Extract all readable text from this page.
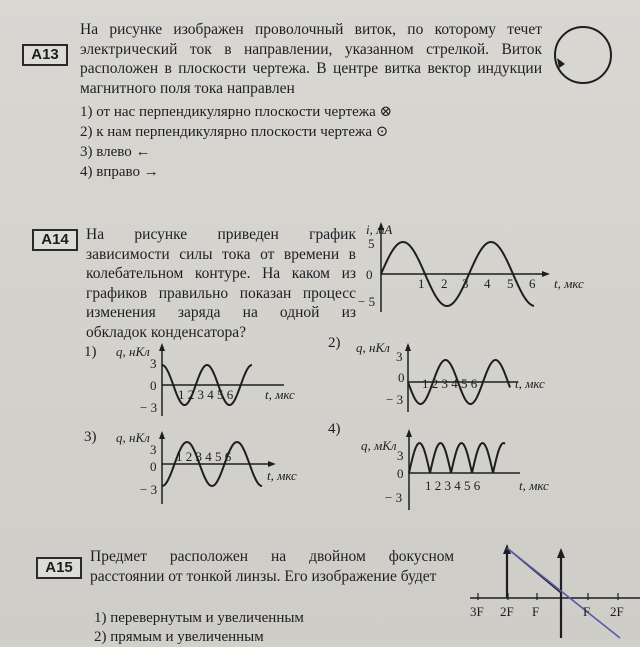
A13
На рисунке изображен проволочный виток, по которому течет
электрический ток в направлении, указанном стрелкой. Виток
расположен в плоскости чертежа. В центре витка вектор индукции
магнитного поля тока направлен
1) от нас перпендикулярно плоскости чертежа ⊗
2) к нам перпендикулярно плоскости чертежа ⊙
3) влево ←
4) вправо →
A14	На рисунке приведен график
зависимости силы тока от времени в
колебательном контуре. На каком из
графиков правильно показан процесс
изменения заряда на одной из
обкладок конденсатора?
i, мА
5
0
− 5
1 2 3 4 5 6 t, мкс
1) q, нКл
3
0
− 3
1 2 3 4 5 6 t, мкс
2) q, нКл
3
0
− 3
1 2 3 4 5 6	t, мкс
3) q, нКл
3
0
− 3
1 2 3 4 5 6
t, мкс
4)
q, мКл
3
0
− 3
1 2 3 4 5 6	t, мкс
A15
Предмет расположен на двойном фокусном
расстоянии от тонкой линзы. Его изображение будет
1) перевернутым и увеличенным
2) прямым и увеличенным
3F 2F F	F 2F
